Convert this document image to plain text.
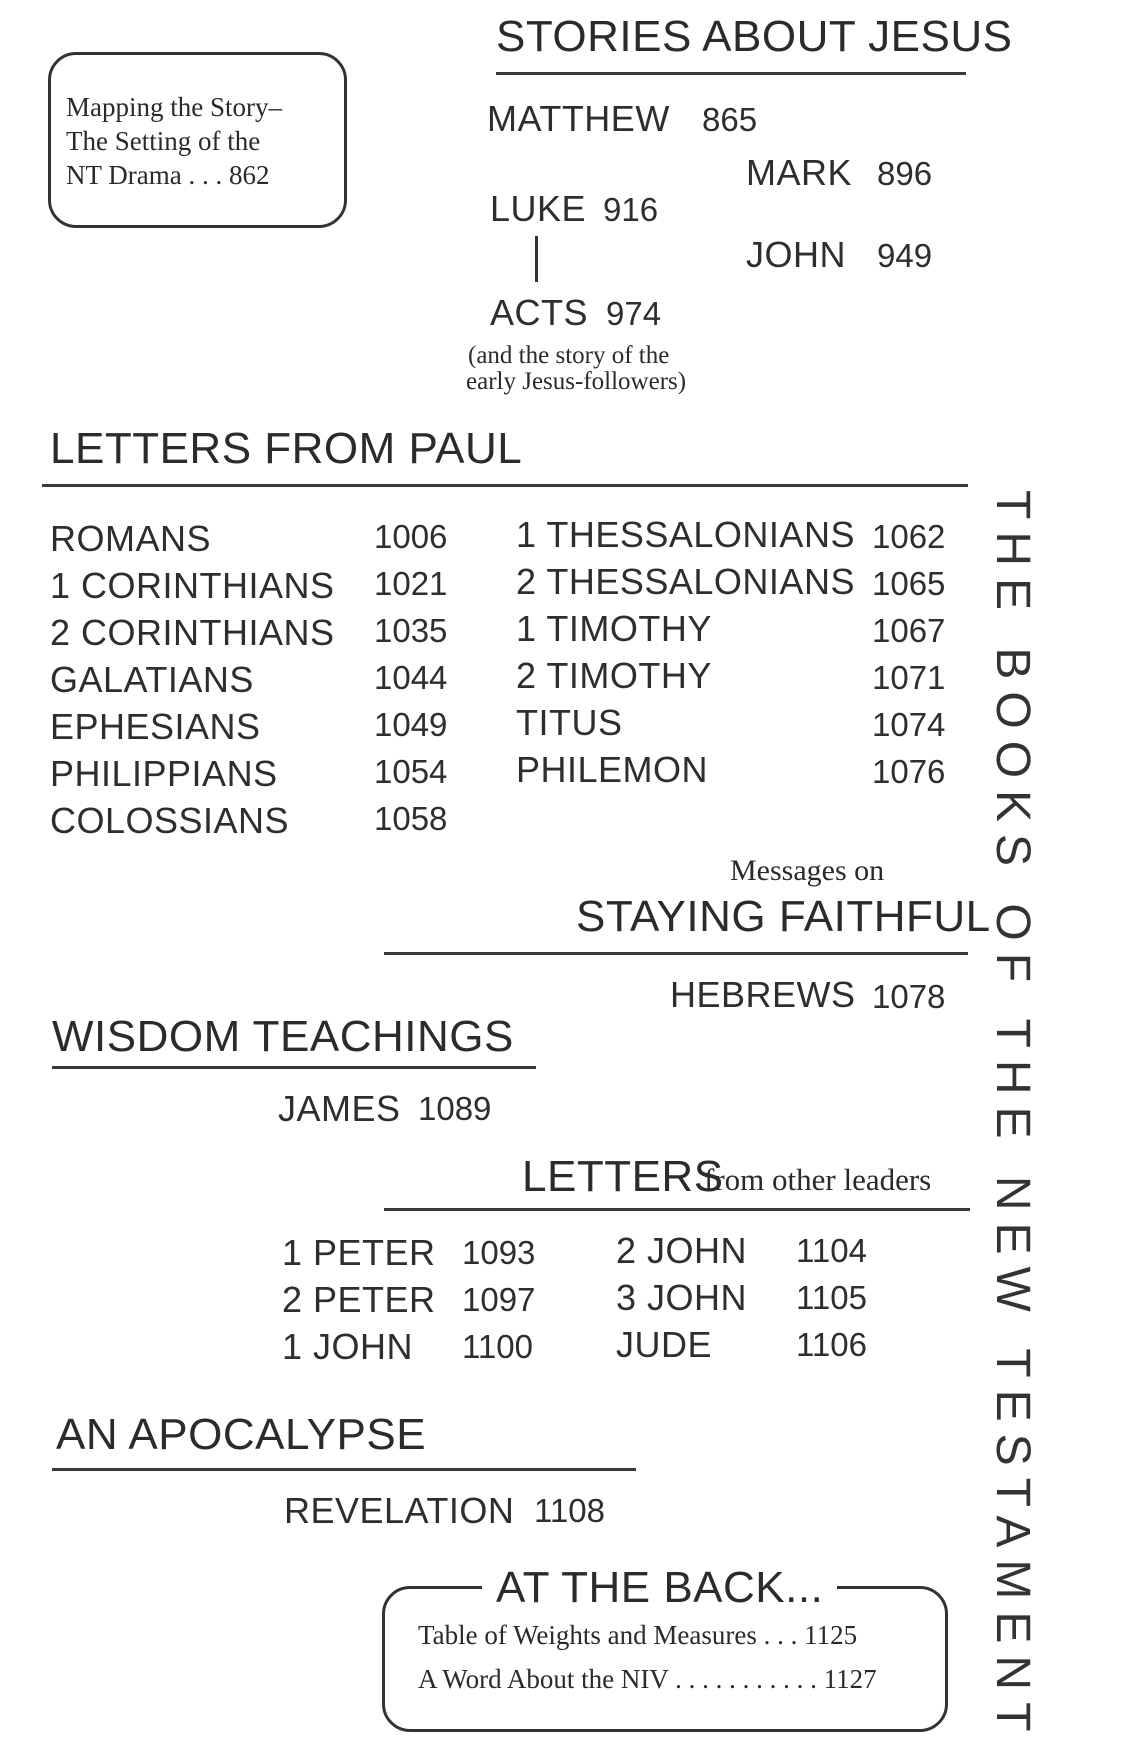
THE BOOKS OF THE NEW TESTAMENT
Mapping the Story–
The Setting of the
NT Drama . . . 862
STORIES ABOUT JESUS
MATTHEW 865
MARK 896
LUKE 916
JOHN 949
ACTS 974
(and the story of the
early Jesus-followers)
LETTERS FROM PAUL
ROMANS	1006
1 CORINTHIANS 1021
2 CORINTHIANS 1035
GALATIANS	1044
EPHESIANS	1049
PHILIPPIANS	1054
COLOSSIANS	1058
1 THESSALONIANS 1062
2 THESSALONIANS 1065
1 TIMOTHY	1067
2 TIMOTHY	1071
TITUS	1074
PHILEMON	1076
Messages on
STAYING FAITHFUL
HEBREWS 1078
WISDOM TEACHINGS
JAMES 1089
LETTERS
from other leaders
1 PETER 1093
2 PETER 1097
1 JOHN 1100
2 JOHN 1104
3 JOHN 1105
JUDE	1106
AN APOCALYPSE
REVELATION 1108
AT THE BACK...
Table of Weights and Measures . . . 1125
A Word About the NIV . . . . . . . . . . . 1127
